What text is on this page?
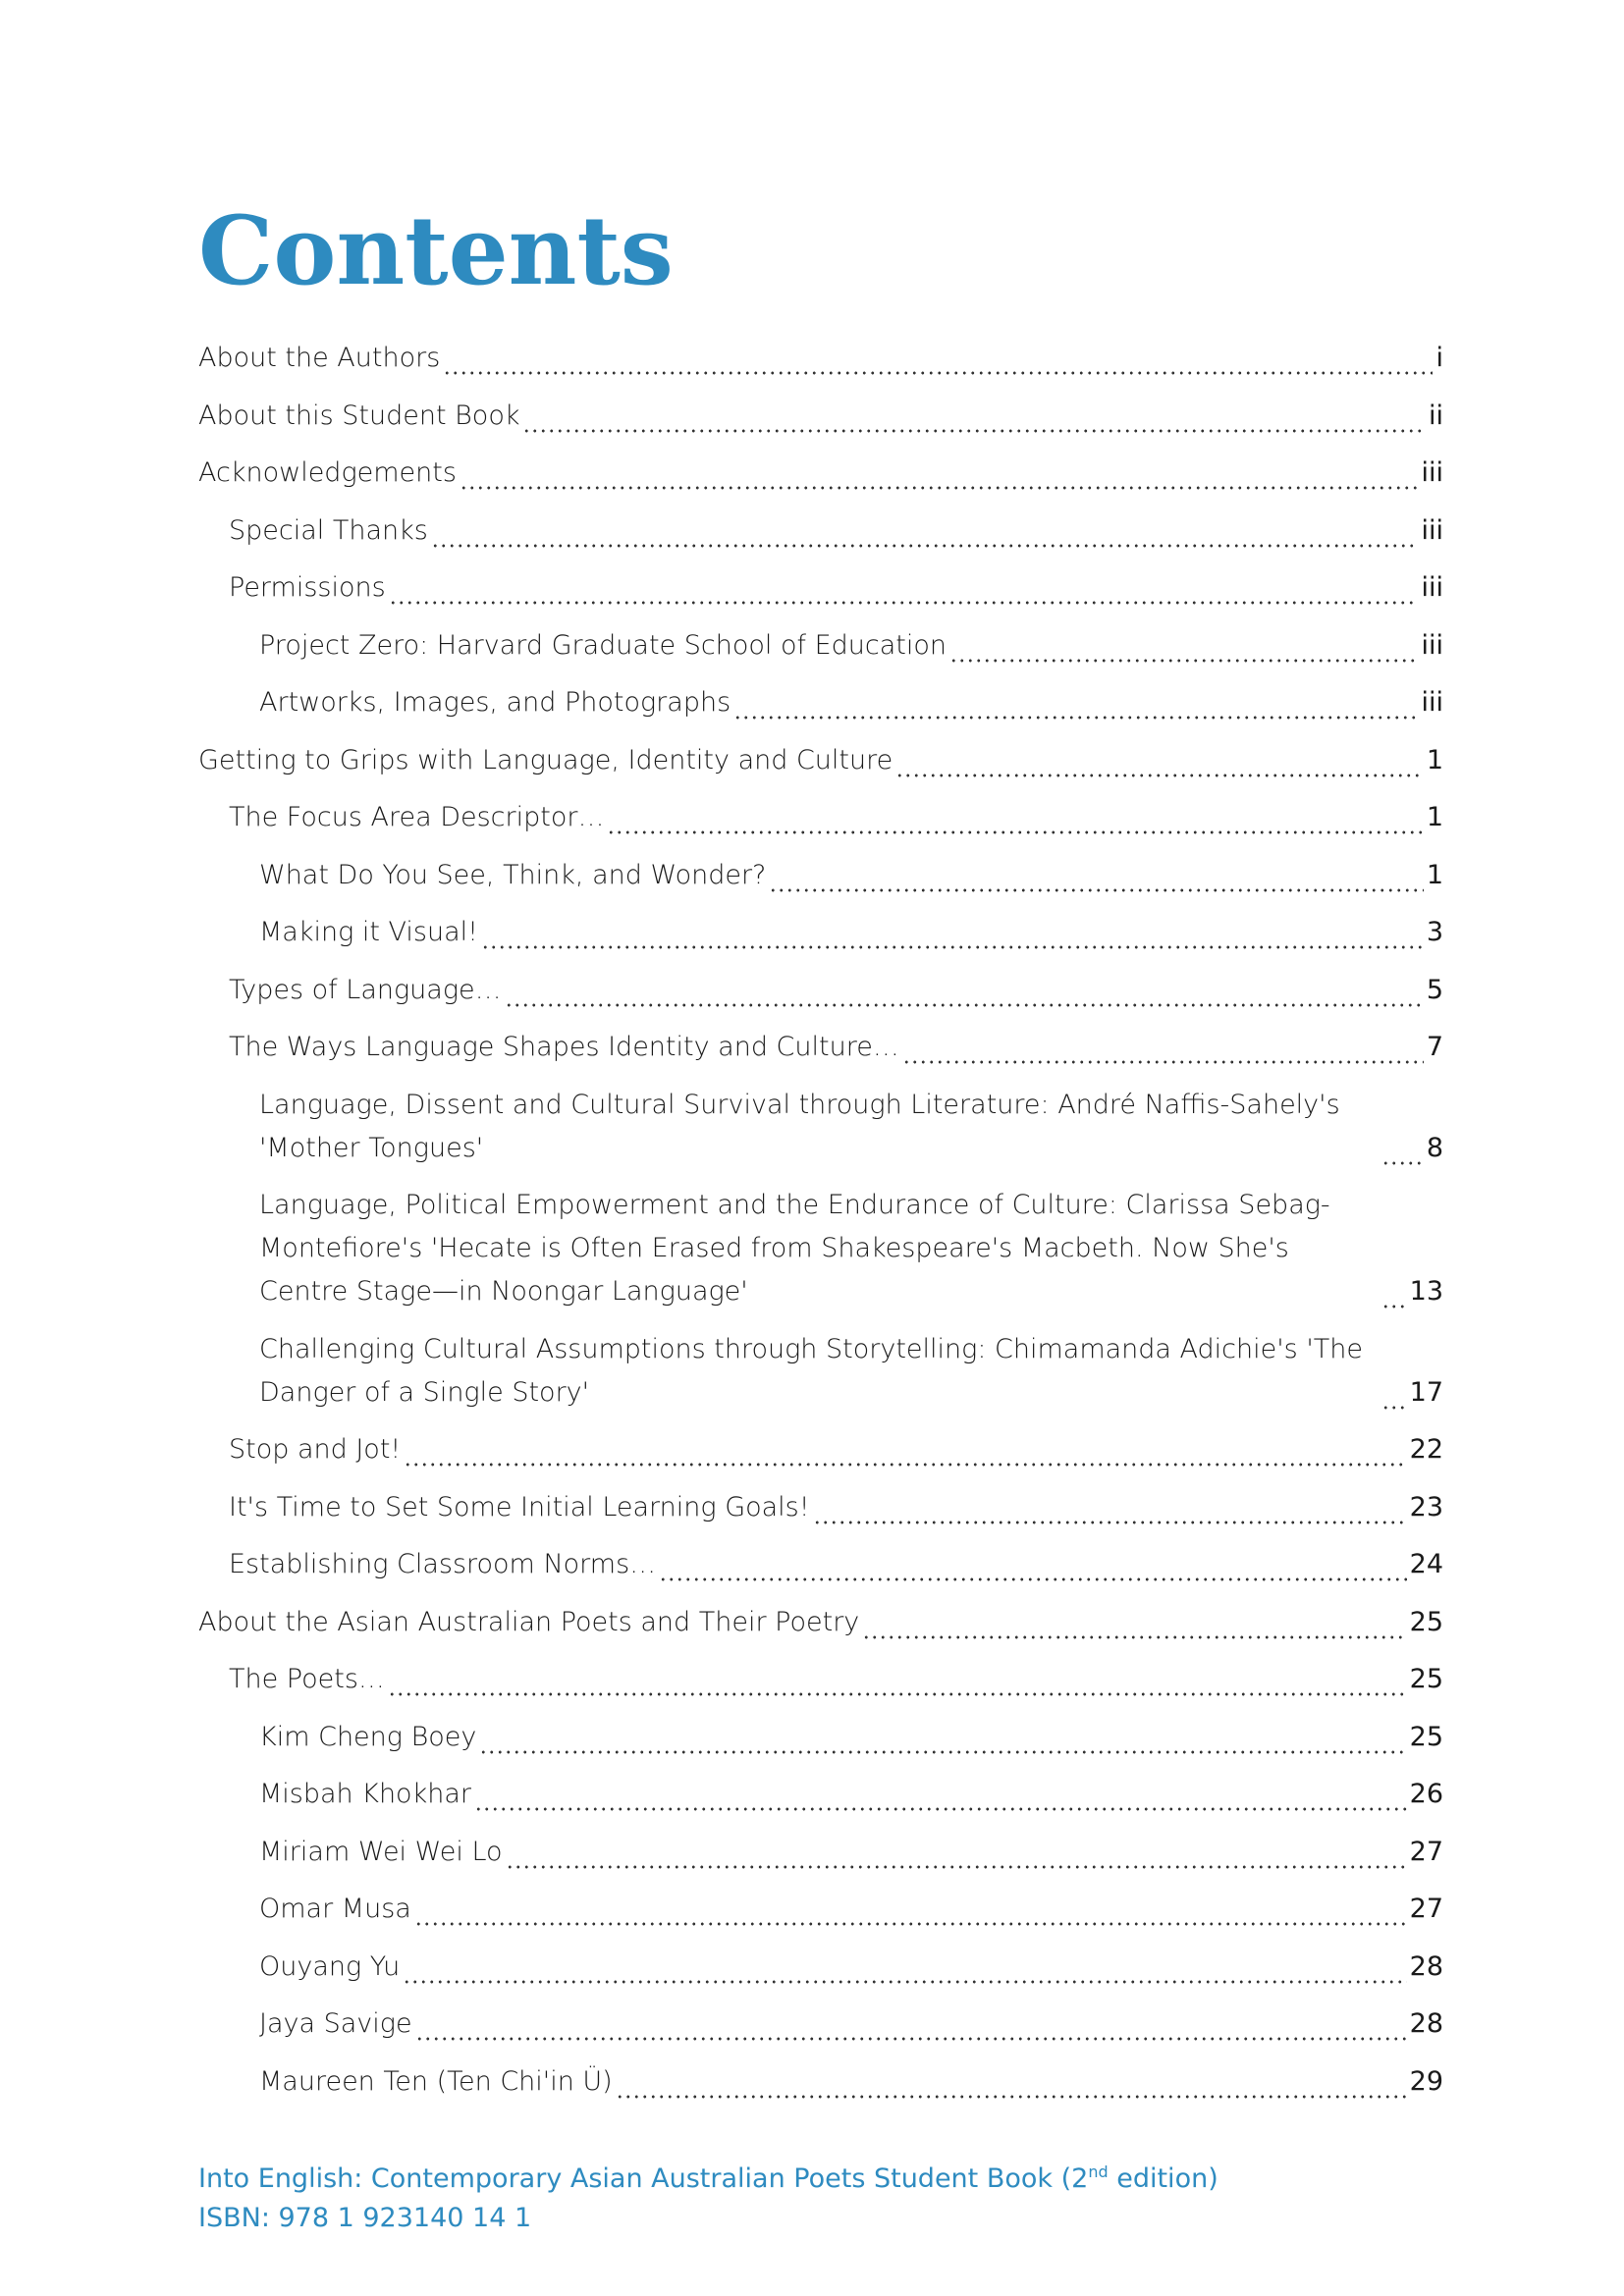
Contents
About the Authors	i
About this Student Book	ii
Acknowledgements	iii
Special Thanks	iii
Permissions	iii
Project Zero: Harvard Graduate School of Education	iii
Artworks, Images, and Photographs	iii
Getting to Grips with Language, Identity and Culture	1
The Focus Area Descriptor…	1
What Do You See, Think, and Wonder?	1
Making it Visual!	3
Types of Language…	5
The Ways Language Shapes Identity and Culture…	7
Language, Dissent and Cultural Survival through Literature: André Naffis-Sahely's 'Mother Tongues'	8
Language, Political Empowerment and the Endurance of Culture: Clarissa Sebag-Montefiore's 'Hecate is Often Erased from Shakespeare's Macbeth. Now She's Centre Stage—in Noongar Language'	13
Challenging Cultural Assumptions through Storytelling: Chimamanda Adichie's 'The Danger of a Single Story'	17
Stop and Jot!	22
It's Time to Set Some Initial Learning Goals!	23
Establishing Classroom Norms…	24
About the Asian Australian Poets and Their Poetry	25
The Poets…	25
Kim Cheng Boey	25
Misbah Khokhar	26
Miriam Wei Wei Lo	27
Omar Musa	27
Ouyang Yu	28
Jaya Savige	28
Maureen Ten (Ten Chi'in Ü)	29
Into English: Contemporary Asian Australian Poets Student Book (2nd edition)
ISBN: 978 1 923140 14 1
